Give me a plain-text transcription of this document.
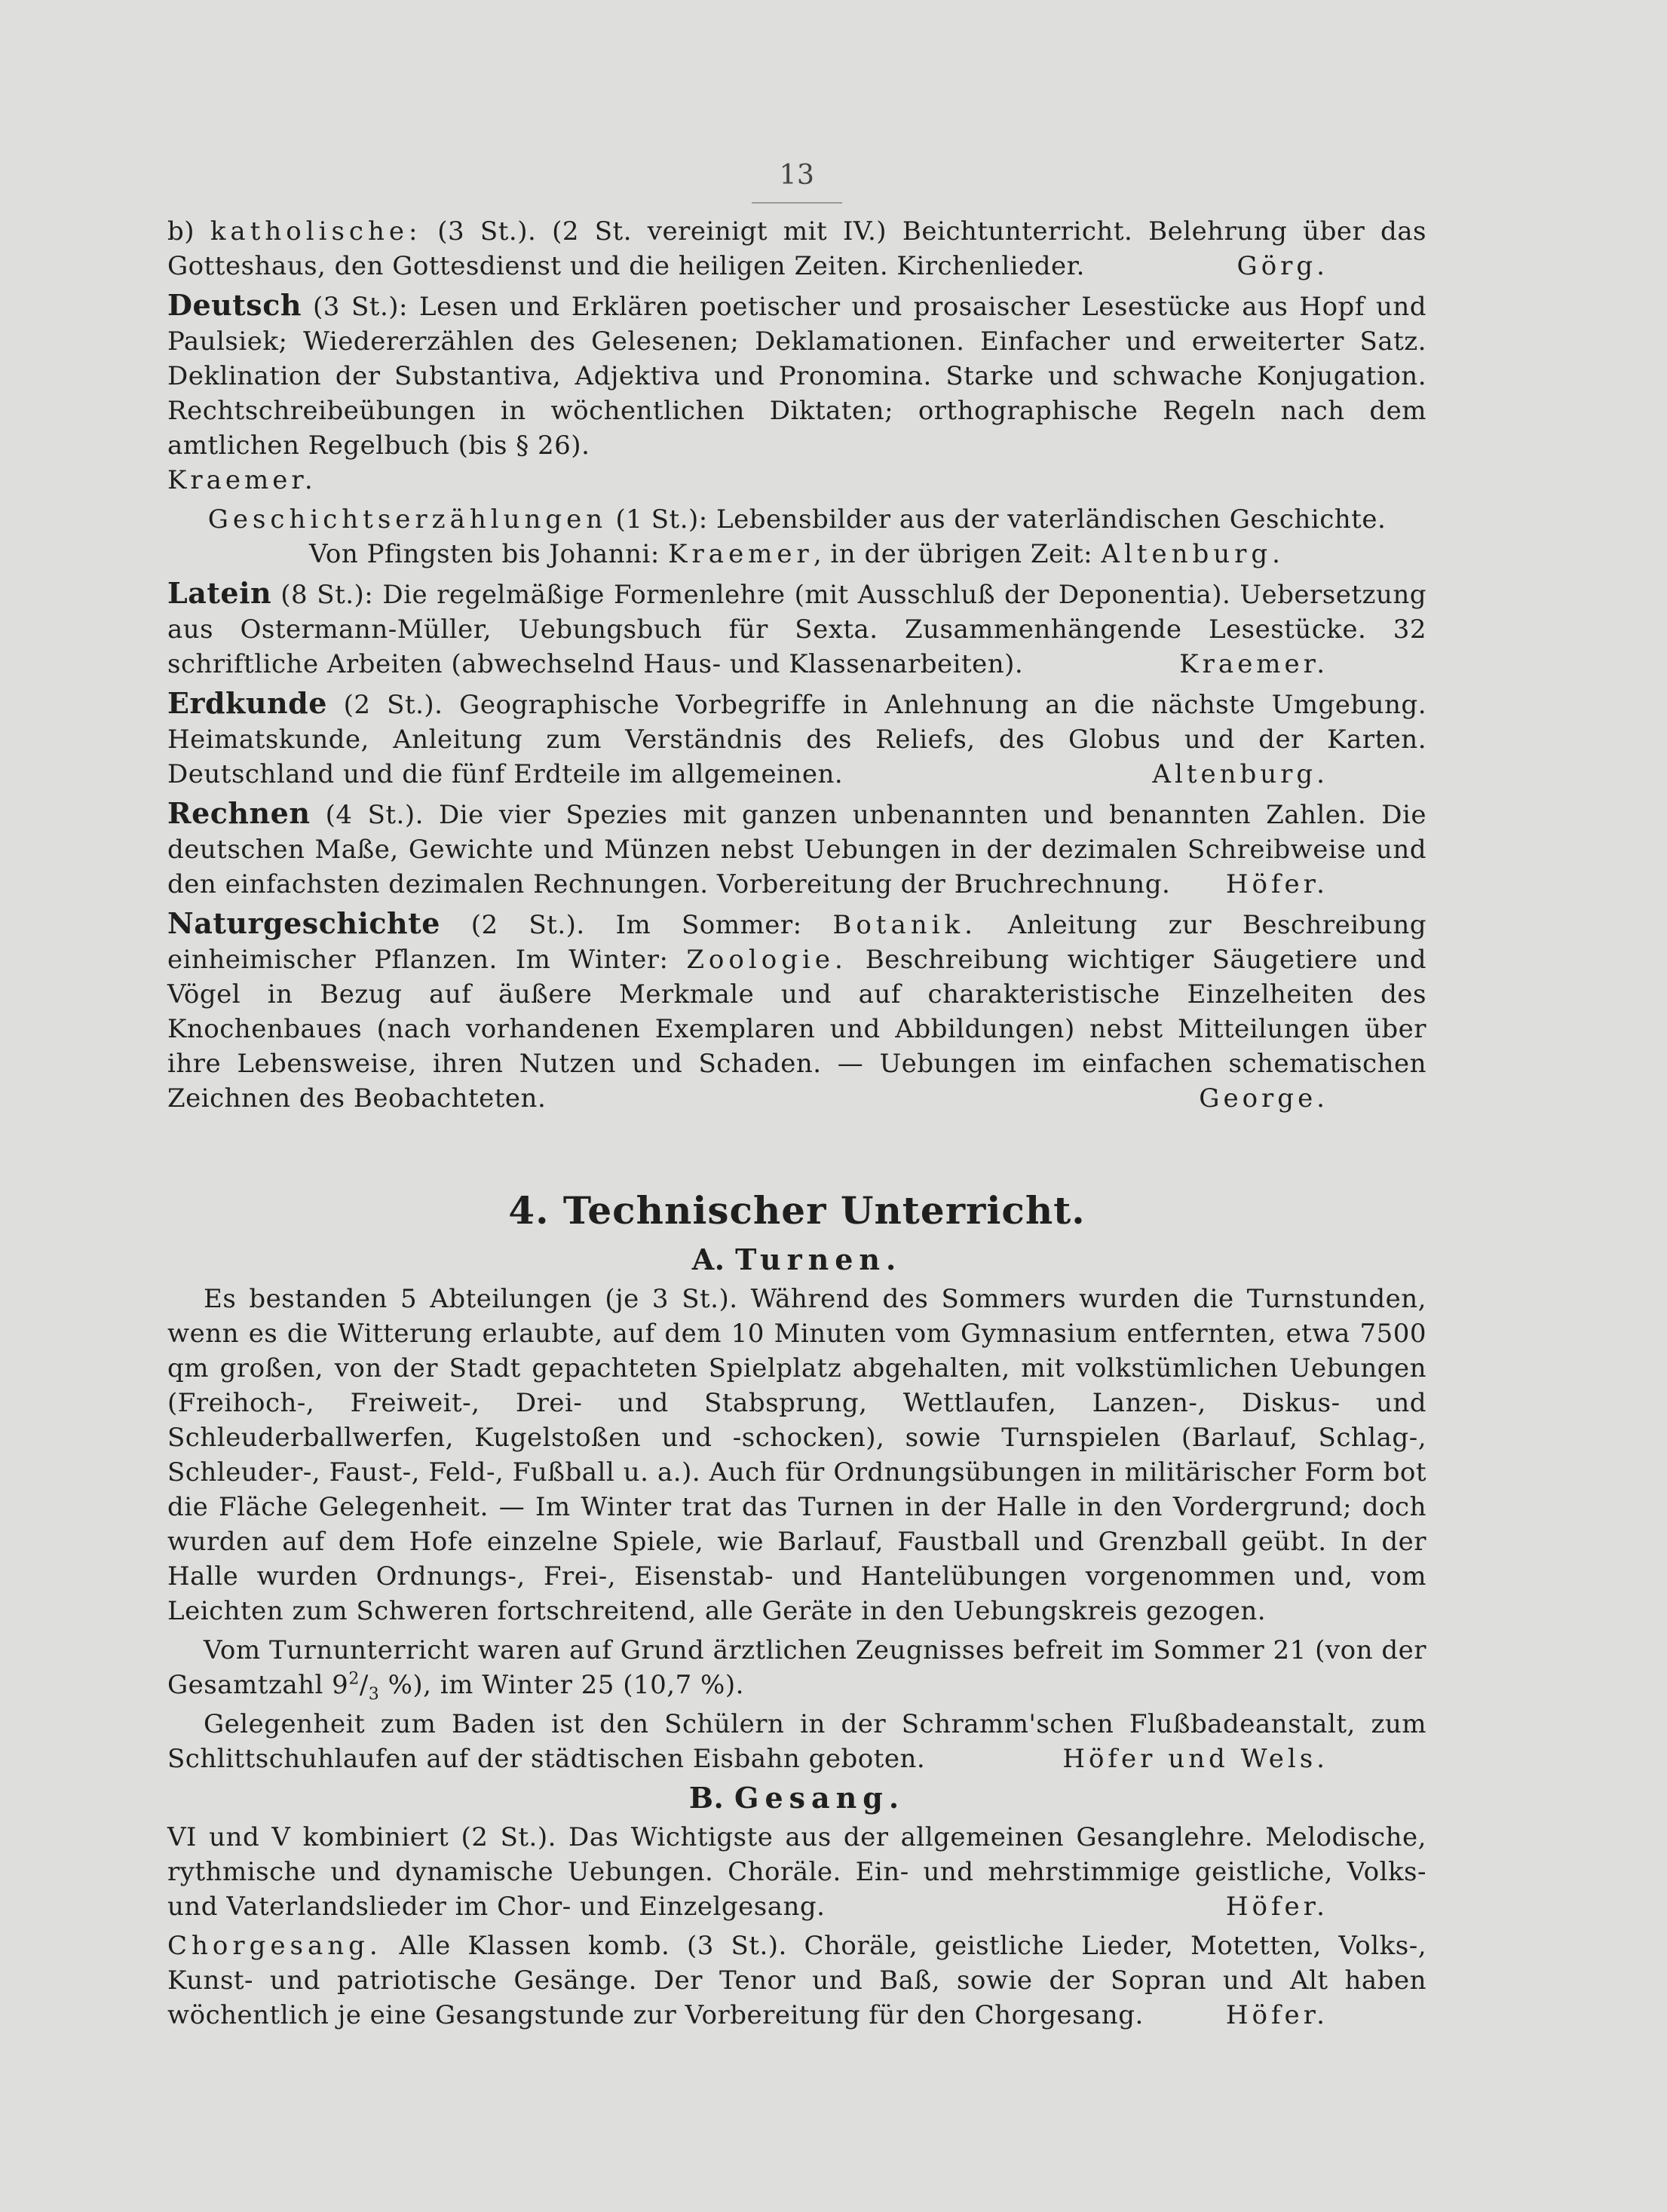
13

b) katholische: (3 St.). (2 St. vereinigt mit IV.) Beichtunterricht. Belehrung über das Gotteshaus, den Gottesdienst und die heiligen Zeiten. Kirchenlieder.	Görg.

Deutsch (3 St.): Lesen und Erklären poetischer und prosaischer Lesestücke aus Hopf und Paulsiek; Wiedererzählen des Gelesenen; Deklamationen. Einfacher und erweiterter Satz. Deklination der Substantiva, Adjektiva und Pronomina. Starke und schwache Konjugation. Rechtschreibeübungen in wöchentlichen Diktaten; orthographische Regeln nach dem amtlichen Regelbuch (bis § 26).
Kraemer.

Geschichtserzählungen (1 St.): Lebensbilder aus der vaterländischen Geschichte.
Von Pfingsten bis Johanni: Kraemer, in der übrigen Zeit: Altenburg.

Latein (8 St.): Die regelmäßige Formenlehre (mit Ausschluß der Deponentia). Uebersetzung aus Ostermann-Müller, Uebungsbuch für Sexta. Zusammenhängende Lesestücke. 32 schriftliche Arbeiten (abwechselnd Haus- und Klassenarbeiten).	Kraemer.

Erdkunde (2 St.). Geographische Vorbegriffe in Anlehnung an die nächste Umgebung. Heimatskunde, Anleitung zum Verständnis des Reliefs, des Globus und der Karten. Deutschland und die fünf Erdteile im allgemeinen.	Altenburg.

Rechnen (4 St.). Die vier Spezies mit ganzen unbenannten und benannten Zahlen. Die deutschen Maße, Gewichte und Münzen nebst Uebungen in der dezimalen Schreibweise und den einfachsten dezimalen Rechnungen. Vorbereitung der Bruchrechnung. Höfer.

Naturgeschichte (2 St.). Im Sommer: Botanik. Anleitung zur Beschreibung einheimischer Pflanzen. Im Winter: Zoologie. Beschreibung wichtiger Säugetiere und Vögel in Bezug auf äußere Merkmale und auf charakteristische Einzelheiten des Knochenbaues (nach vorhandenen Exemplaren und Abbildungen) nebst Mitteilungen über ihre Lebensweise, ihren Nutzen und Schaden. — Uebungen im einfachen schematischen Zeichnen des Beobachteten.	George.

4. Technischer Unterricht.
A. Turnen.

Es bestanden 5 Abteilungen (je 3 St.). Während des Sommers wurden die Turnstunden, wenn es die Witterung erlaubte, auf dem 10 Minuten vom Gymnasium entfernten, etwa 7500 qm großen, von der Stadt gepachteten Spielplatz abgehalten, mit volkstümlichen Uebungen (Freihoch-, Freiweit-, Drei- und Stabsprung, Wettlaufen, Lanzen-, Diskus- und Schleuderballwerfen, Kugelstoßen und -schocken), sowie Turnspielen (Barlauf, Schlag-, Schleuder-, Faust-, Feld-, Fußball u. a.). Auch für Ordnungsübungen in militärischer Form bot die Fläche Gelegenheit. — Im Winter trat das Turnen in der Halle in den Vordergrund; doch wurden auf dem Hofe einzelne Spiele, wie Barlauf, Faustball und Grenzball geübt. In der Halle wurden Ordnungs-, Frei-, Eisenstab- und Hantelübungen vorgenommen und, vom Leichten zum Schweren fortschreitend, alle Geräte in den Uebungskreis gezogen.

Vom Turnunterricht waren auf Grund ärztlichen Zeugnisses befreit im Sommer 21 (von der Gesamtzahl $9^2/_3$ %), im Winter 25 (10,7 %).

Gelegenheit zum Baden ist den Schülern in der Schramm'schen Flußbadeanstalt, zum Schlittschuhlaufen auf der städtischen Eisbahn geboten.	Höfer und Wels.

B. Gesang.

VI und V kombiniert (2 St.). Das Wichtigste aus der allgemeinen Gesanglehre. Melodische, rythmische und dynamische Uebungen. Choräle. Ein- und mehrstimmige geistliche, Volks- und Vaterlandslieder im Chor- und Einzelgesang.	Höfer.

Chorgesang. Alle Klassen komb. (3 St.). Choräle, geistliche Lieder, Motetten, Volks-, Kunst- und patriotische Gesänge. Der Tenor und Baß, sowie der Sopran und Alt haben wöchentlich je eine Gesangstunde zur Vorbereitung für den Chorgesang.	Höfer.
